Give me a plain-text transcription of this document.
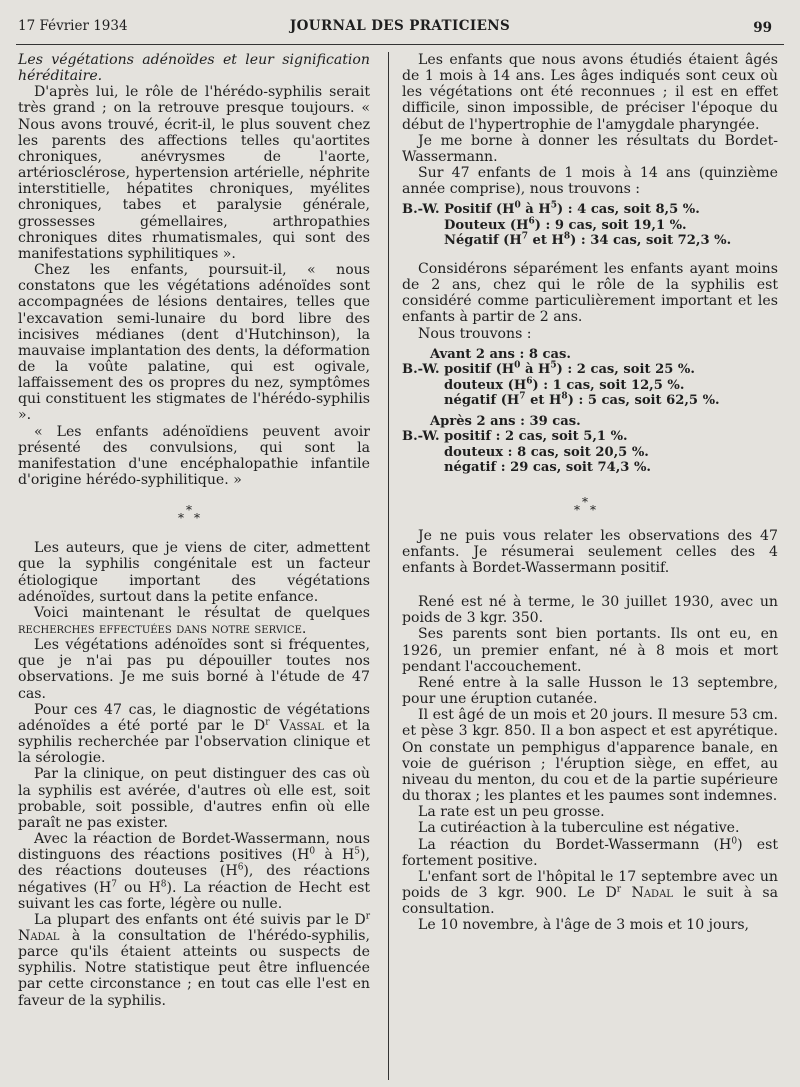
17 Février 1934	JOURNAL DES PRATICIENS	99

Les végétations adénoïdes et leur signification héréditaire.

D'après lui, le rôle de l'hérédo-syphilis serait très grand ; on la retrouve presque toujours. « Nous avons trouvé, écrit-il, le plus souvent chez les parents des affections telles qu'aortites chroniques, anévrysmes de l'aorte, artériosclérose, hypertension artérielle, néphrite interstitielle, hépatites chroniques, myélites chroniques, tabes et paralysie générale, grossesses gémellaires, arthropathies chroniques dites rhumatismales, qui sont des manifestations syphilitiques ».

Chez les enfants, poursuit-il, « nous constatons que les végétations adénoïdes sont accompagnées de lésions dentaires, telles que l'excavation semi-lunaire du bord libre des incisives médianes (dent d'Hutchinson), la mauvaise implantation des dents, la déformation de la voûte palatine, qui est ogivale, laffaissement des os propres du nez, symptômes qui constituent les stigmates de l'hérédo-syphilis ».

« Les enfants adénoïdiens peuvent avoir présenté des convulsions, qui sont la manifestation d'une encéphalopathie infantile d'origine hérédo-syphilitique. »

*
* *

Les auteurs, que je viens de citer, admettent que la syphilis congénitale est un facteur étiologique important des végétations adénoïdes, surtout dans la petite enfance.

Voici maintenant le résultat de quelques recherches effectuées dans notre service.

Les végétations adénoïdes sont si fréquentes, que je n'ai pas pu dépouiller toutes nos observations. Je me suis borné à l'étude de 47 cas.

Pour ces 47 cas, le diagnostic de végétations adénoïdes a été porté par le $D^r$ Vassal et la syphilis recherchée par l'observation clinique et la sérologie.

Par la clinique, on peut distinguer des cas où la syphilis est avérée, d'autres où elle est, soit probable, soit possible, d'autres enfin où elle paraît ne pas exister.

Avec la réaction de Bordet-Wassermann, nous distinguons des réactions positives ($H^0$ à $H^5$), des réactions douteuses $(H^6)$, des réactions négatives ($H^7$ ou $H^8$). La réaction de Hecht est suivant les cas forte, légère ou nulle.

La plupart des enfants ont été suivis par le $D^r$ Nadal à la consultation de l'hérédo-syphilis, parce qu'ils étaient atteints ou suspects de syphilis. Notre statistique peut être influencée par cette circonstance ; en tout cas elle l'est en faveur de la syphilis.

Les enfants que nous avons étudiés étaient âgés de 1 mois à 14 ans. Les âges indiqués sont ceux où les végétations ont été reconnues ; il est en effet difficile, sinon impossible, de préciser l'époque du début de l'hypertrophie de l'amygdale pharyngée.

Je me borne à donner les résultats du Bordet-Wassermann.

Sur 47 enfants de 1 mois à 14 ans (quinzième année comprise), nous trouvons :

B.-W. Positif ($H^0$ à $H^5$) : 4 cas, soit 8,5 %.
Douteux $(H^6)$ : 9 cas, soit 19,1 %.
Négatif ($H^7$ et $H^8$) : 34 cas, soit 72,3 %.

Considérons séparément les enfants ayant moins de 2 ans, chez qui le rôle de la syphilis est considéré comme particulièrement important et les enfants à partir de 2 ans.

Nous trouvons :

Avant 2 ans : 8 cas.
B.-W. positif ($H^0$ à $H^5$) : 2 cas, soit 25 %.
douteux $(H^6)$ : 1 cas, soit 12,5 %.
négatif ($H^7$ et $H^8$) : 5 cas, soit 62,5 %.
Après 2 ans : 39 cas.
B.-W. positif : 2 cas, soit 5,1 %.
douteux : 8 cas, soit 20,5 %.
négatif : 29 cas, soit 74,3 %.
*
* *

Je ne puis vous relater les observations des 47 enfants. Je résumerai seulement celles des 4 enfants à Bordet-Wassermann positif.

René est né à terme, le 30 juillet 1930, avec un poids de 3 kgr. 350.

Ses parents sont bien portants. Ils ont eu, en 1926, un premier enfant, né à 8 mois et mort pendant l'accouchement.

René entre à la salle Husson le 13 septembre, pour une éruption cutanée.

Il est âgé de un mois et 20 jours. Il mesure 53 cm. et pèse 3 kgr. 850. Il a bon aspect et est apyrétique. On constate un pemphigus d'apparence banale, en voie de guérison ; l'éruption siège, en effet, au niveau du menton, du cou et de la partie supérieure du thorax ; les plantes et les paumes sont indemnes.

La rate est un peu grosse.

La cutiréaction à la tuberculine est négative.

La réaction du Bordet-Wassermann $(H^0)$ est fortement positive.

L'enfant sort de l'hôpital le 17 septembre avec un poids de 3 kgr. 900. Le $D^r$ Nadal le suit à sa consultation.

Le 10 novembre, à l'âge de 3 mois et 10 jours,
